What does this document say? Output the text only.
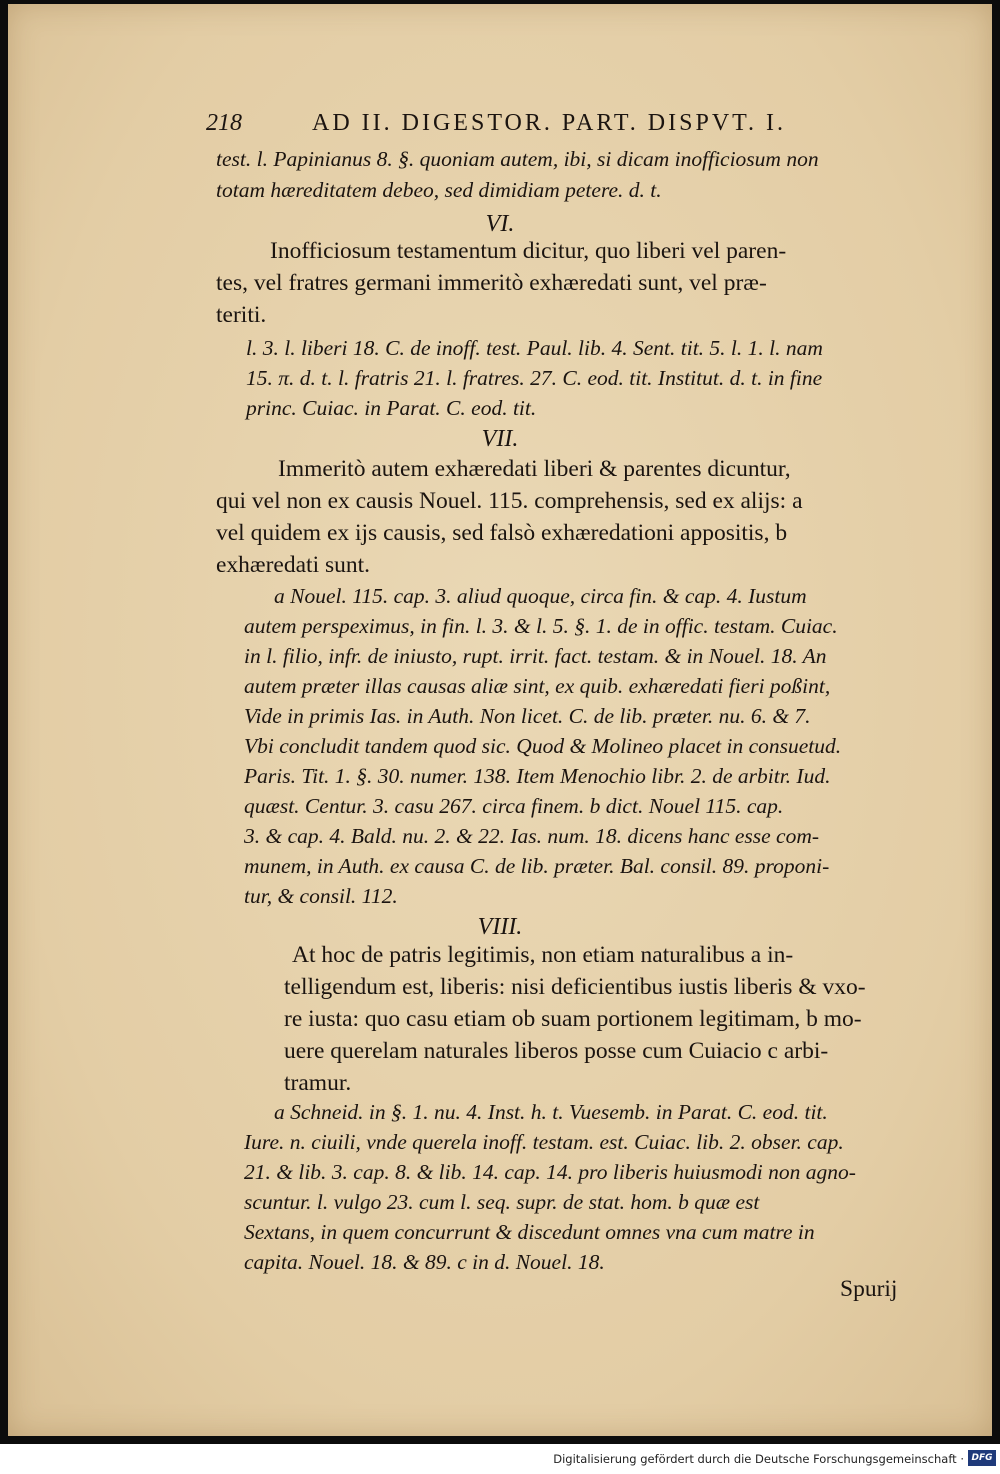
218	AD II. DIGESTOR. PART. DISPVT. I.
test. l. Papinianus 8. §. quoniam autem, ibi, si dicam inofficiosum non
totam hæreditatem debeo, sed dimidiam petere. d. t.
VI.
Inofficiosum testamentum dicitur, quo liberi vel paren-
tes, vel fratres germani immeritò exhæredati sunt, vel præ-
teriti.
l. 3. l. liberi 18. C. de inoff. test. Paul. lib. 4. Sent. tit. 5. l. 1. l. nam
15. π. d. t. l. fratris 21. l. fratres. 27. C. eod. tit. Institut. d. t. in fine
princ. Cuiac. in Parat. C. eod. tit.
VII.
Immeritò autem exhæredati liberi & parentes dicuntur,
qui vel non ex causis Nouel. 115. comprehensis, sed ex alijs: a
vel quidem ex ijs causis, sed falsò exhæredationi appositis, b
exhæredati sunt.
a Nouel. 115. cap. 3. aliud quoque, circa fin. & cap. 4. Iustum
autem perspeximus, in fin. l. 3. & l. 5. §. 1. de in offic. testam. Cuiac.
in l. filio, infr. de iniusto, rupt. irrit. fact. testam. & in Nouel. 18. An
autem præter illas causas aliæ sint, ex quib. exhæredati fieri poßint,
Vide in primis Ias. in Auth. Non licet. C. de lib. præter. nu. 6. & 7.
Vbi concludit tandem quod sic. Quod & Molineo placet in consuetud.
Paris. Tit. 1. §. 30. numer. 138. Item Menochio libr. 2. de arbitr. Iud.
quæst. Centur. 3. casu 267. circa finem. b dict. Nouel 115. cap.
3. & cap. 4. Bald. nu. 2. & 22. Ias. num. 18. dicens hanc esse com-
munem, in Auth. ex causa C. de lib. præter. Bal. consil. 89. proponi-
tur, & consil. 112.
VIII.
At hoc de patris legitimis, non etiam naturalibus a in-
telligendum est, liberis: nisi deficientibus iustis liberis & vxo-
re iusta: quo casu etiam ob suam portionem legitimam, b mo-
uere querelam naturales liberos posse cum Cuiacio c arbi-
tramur.
a Schneid. in §. 1. nu. 4. Inst. h. t. Vuesemb. in Parat. C. eod. tit.
Iure. n. ciuili, vnde querela inoff. testam. est. Cuiac. lib. 2. obser. cap.
21. & lib. 3. cap. 8. & lib. 14. cap. 14. pro liberis huiusmodi non agno-
scuntur. l. vulgo 23. cum l. seq. supr. de stat. hom. b quæ est
Sextans, in quem concurrunt & discedunt omnes vna cum matre in
capita. Nouel. 18. & 89. c in d. Nouel. 18.
Spurij
Digitalisierung gefördert durch die Deutsche Forschungsgemeinschaft · DFG
